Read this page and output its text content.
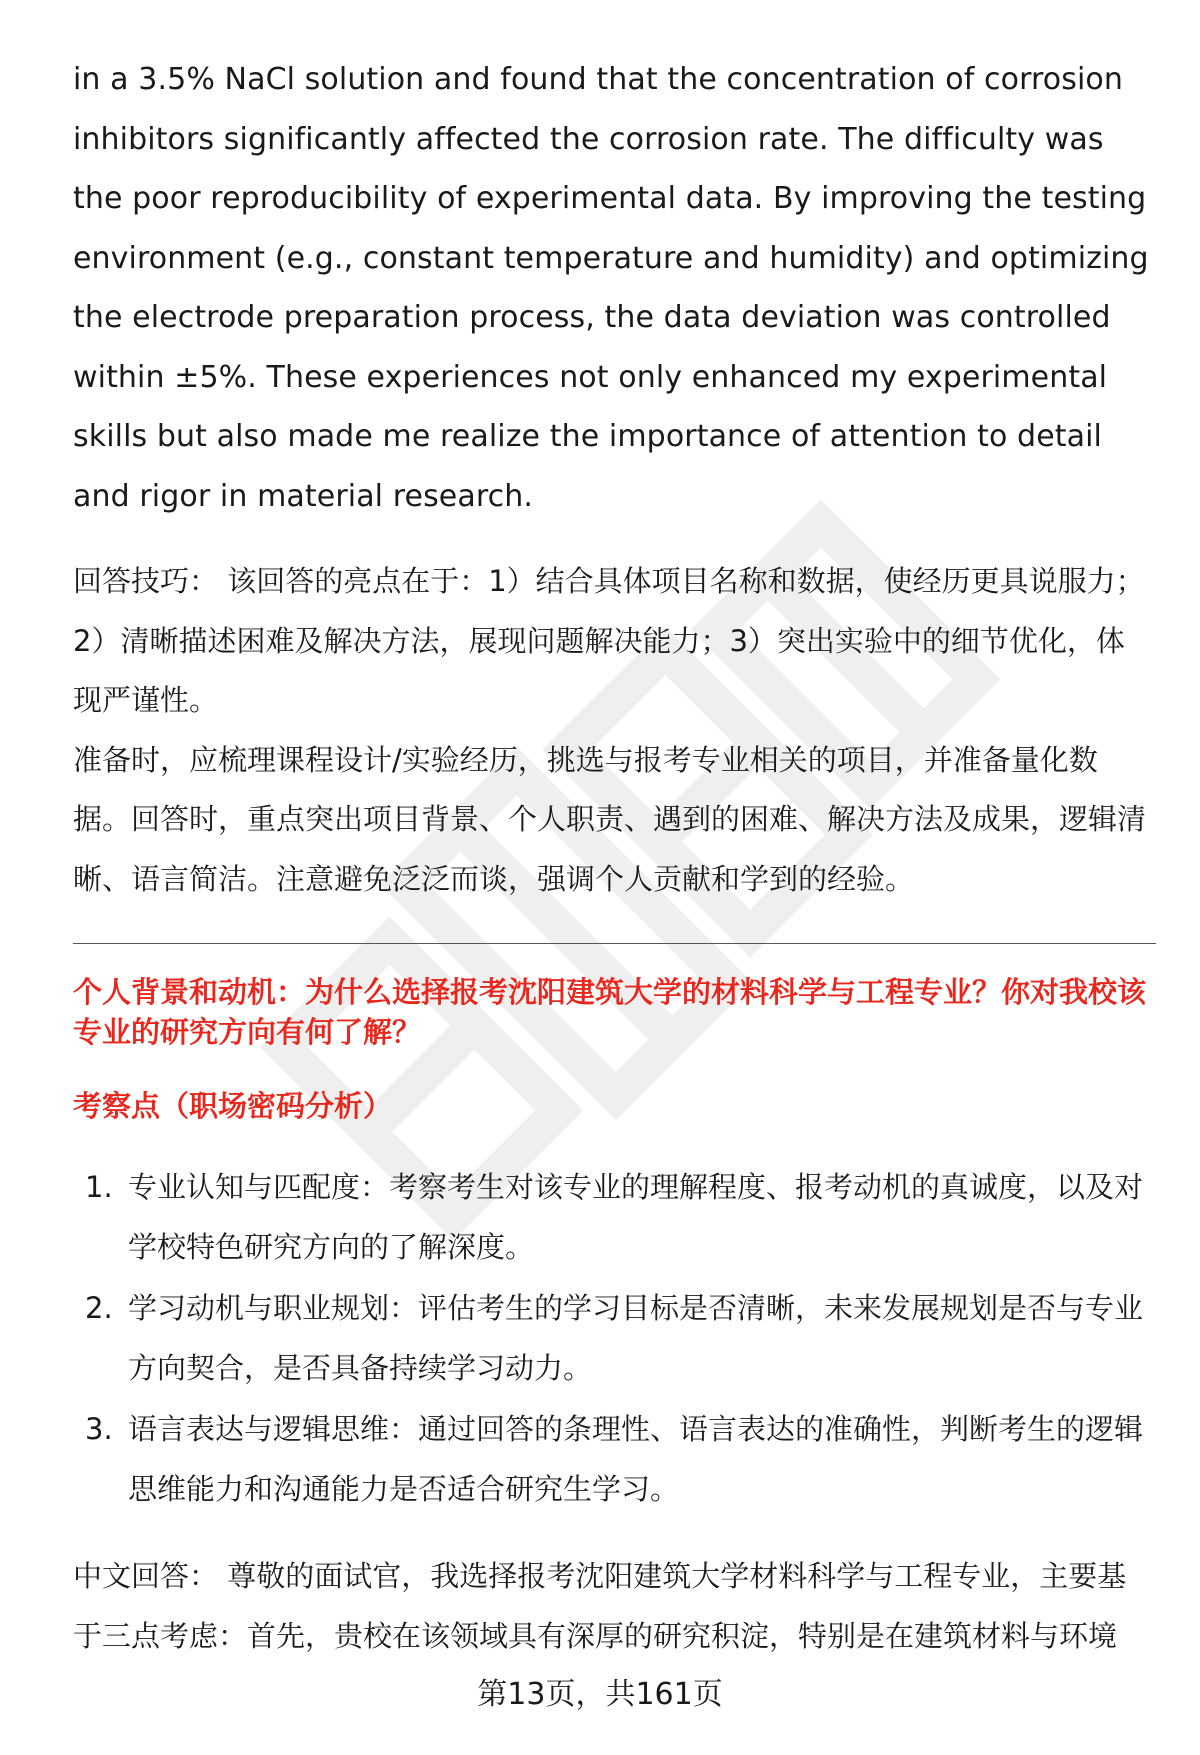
in a 3.5% NaCl solution and found that the concentration of corrosion inhibitors significantly affected the corrosion rate. The difficulty was the poor reproducibility of experimental data. By improving the testing environment (e.g., constant temperature and humidity) and optimizing the electrode preparation process, the data deviation was controlled within ±5%. These experiences not only enhanced my experimental skills but also made me realize the importance of attention to detail and rigor in material research.

回答技巧： 该回答的亮点在于：1）结合具体项目名称和数据，使经历更具说服力；2）清晰描述困难及解决方法，展现问题解决能力；3）突出实验中的细节优化，体现严谨性。

准备时，应梳理课程设计/实验经历，挑选与报考专业相关的项目，并准备量化数据。回答时，重点突出项目背景、个人职责、遇到的困难、解决方法及成果，逻辑清晰、语言简洁。注意避免泛泛而谈，强调个人贡献和学到的经验。

个人背景和动机：为什么选择报考沈阳建筑大学的材料科学与工程专业？你对我校该专业的研究方向有何了解？

考察点（职场密码分析）

1. 专业认知与匹配度：考察考生对该专业的理解程度、报考动机的真诚度，以及对学校特色研究方向的了解深度。
2. 学习动机与职业规划：评估考生的学习目标是否清晰，未来发展规划是否与专业方向契合，是否具备持续学习动力。
3. 语言表达与逻辑思维：通过回答的条理性、语言表达的准确性，判断考生的逻辑思维能力和沟通能力是否适合研究生学习。

中文回答： 尊敬的面试官，我选择报考沈阳建筑大学材料科学与工程专业，主要基于三点考虑：首先，贵校在该领域具有深厚的研究积淀，特别是在建筑材料与环境

第13页，共161页
